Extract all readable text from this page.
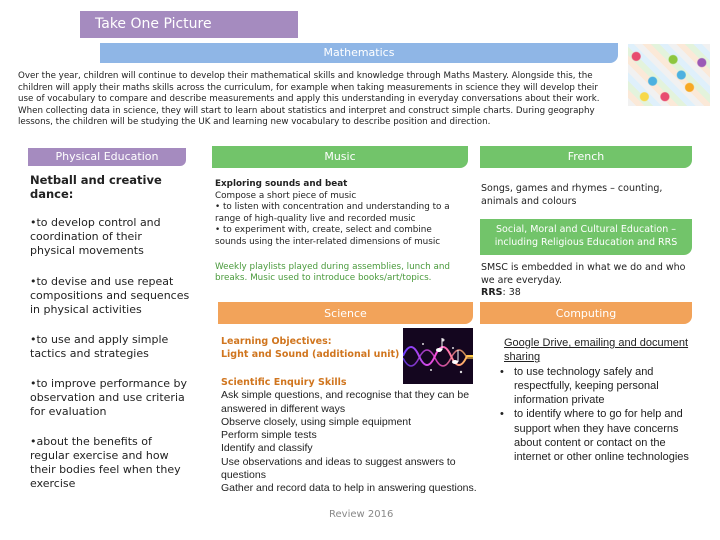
Take One Picture
Mathematics
Over the year, children will continue to develop their mathematical skills and knowledge through Maths Mastery. Alongside this, the children will apply their maths skills across the curriculum, for example when taking measurements in science they will develop their use of vocabulary to compare and describe measurements and apply this understanding in everyday conversations about their work. When collecting data in science, they will start to learn about statistics and interpret and construct simple charts. During geography lessons, the children will be studying the UK and learning new vocabulary to describe position and direction.
Physical Education
Netball and creative dance:
•to develop control and coordination of their physical movements
•to devise and use repeat compositions and sequences in physical activities
•to use and apply simple tactics and strategies
•to improve performance by observation and use criteria for evaluation
•about the benefits of regular exercise and how their bodies feel when they exercise
Music
Exploring sounds and beat
Compose a short piece of music
• to listen with concentration and understanding to a range of high-quality live and recorded music
• to experiment with, create, select and combine sounds using the inter-related dimensions of music
Weekly playlists played during assemblies, lunch and breaks. Music used to introduce books/art/topics.
French
Songs, games and rhymes – counting, animals and colours
Social, Moral and Cultural Education – including Religious Education and RRS
SMSC is embedded in what we do and who we are everyday.
RRS: 38
Science
Learning Objectives:
Light and Sound (additional unit)
Scientific Enquiry Skills
Ask simple questions, and recognise that they can be answered in different ways
Observe closely, using simple equipment
Perform simple tests
Identify and classify
Use observations and ideas to suggest answers to questions
Gather and record data to help in answering questions.
Review 2016
Computing
Google Drive, emailing and document sharing
• to use technology safely and respectfully, keeping personal information private
• to identify where to go for help and support when they have concerns about content or contact on the internet or other online technologies
